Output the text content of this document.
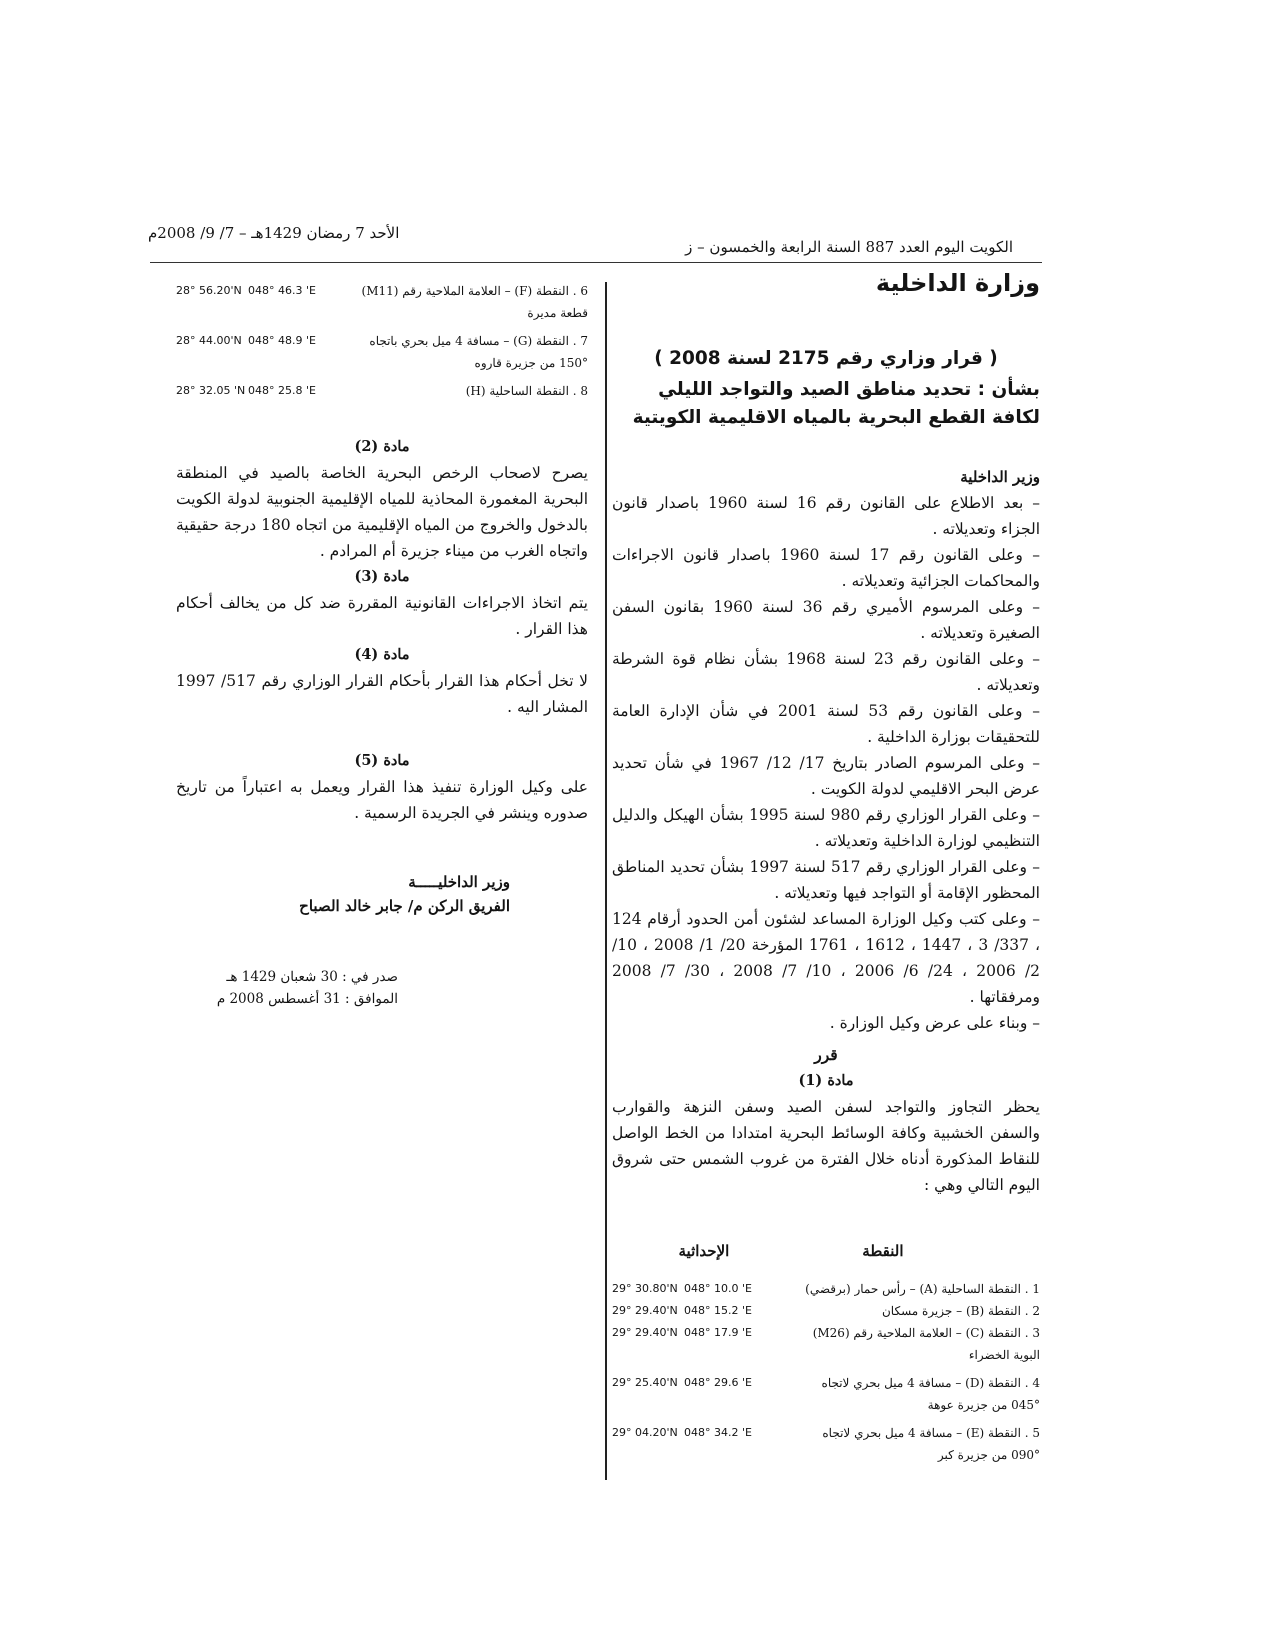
الكويت اليوم العدد 887 السنة الرابعة والخمسون – ز
الأحد 7 رمضان 1429هـ – 7/ 9/ 2008م

وزارة الداخلية

( قرار وزاري رقم 2175 لسنة 2008 )

بشأن : تحديد مناطق الصيد والتواجد الليلي لكافة القطع البحرية بالمياه الاقليمية الكويتية

وزير الداخلية

– بعد الاطلاع على القانون رقم 16 لسنة 1960 باصدار قانون الجزاء وتعديلاته .

– وعلى القانون رقم 17 لسنة 1960 باصدار قانون الاجراءات والمحاكمات الجزائية وتعديلاته .

– وعلى المرسوم الأميري رقم 36 لسنة 1960 بقانون السفن الصغيرة وتعديلاته .

– وعلى القانون رقم 23 لسنة 1968 بشأن نظام قوة الشرطة وتعديلاته .

– وعلى القانون رقم 53 لسنة 2001 في شأن الإدارة العامة للتحقيقات بوزارة الداخلية .

– وعلى المرسوم الصادر بتاريخ 17/ 12/ 1967 في شأن تحديد عرض البحر الاقليمي لدولة الكويت .

– وعلى القرار الوزاري رقم 980 لسنة 1995 بشأن الهيكل والدليل التنظيمي لوزارة الداخلية وتعديلاته .

– وعلى القرار الوزاري رقم 517 لسنة 1997 بشأن تحديد المناطق المحظور الإقامة أو التواجد فيها وتعديلاته .

– وعلى كتب وكيل الوزارة المساعد لشئون أمن الحدود أرقام 124 ، 337/ 3 ، 1447 ، 1612 ، 1761 المؤرخة 20/ 1/ 2008 ، 10/ 2/ 2006 ، 24/ 6/ 2006 ، 10/ 7/ 2008 ، 30/ 7/ 2008 ومرفقاتها .

– وبناء على عرض وكيل الوزارة .

قرر

مادة (1)

يحظر التجاوز والتواجد لسفن الصيد وسفن النزهة والقوارب والسفن الخشبية وكافة الوسائط البحرية امتدادا من الخط الواصل للنقاط المذكورة أدناه خلال الفترة من غروب الشمس حتى شروق اليوم التالي وهي :

النقطة
الإحداثية
1 . النقطة الساحلية (A) – رأس حمار (برقضي)
048° 10.0 'E
29° 30.80'N
2 . النقطة (B) – جزيرة مسكان
048° 15.2 'E
29° 29.40'N
3 . النقطة (C) – العلامة الملاحية رقم (M26)
048° 17.9 'E
29° 29.40'N

البوية الخضراء

4 . النقطة (D) – مسافة 4 ميل بحري لاتجاه
048° 29.6 'E
29° 25.40'N

045° من جزيرة عوهة

5 . النقطة (E) – مسافة 4 ميل بحري لاتجاه
048° 34.2 'E
29° 04.20'N

090° من جزيرة كبر

6 . النقطة (F) – العلامة الملاحية رقم (M11)
048° 46.3 'E
28° 56.20'N

قطعة مديرة

7 . النقطة (G) – مسافة 4 ميل بحري باتجاه
048° 48.9 'E
28° 44.00'N

150° من جزيرة قاروه

8 . النقطة الساحلية (H)
048° 25.8 'E
28° 32.05 'N

مادة (2)

يصرح لاصحاب الرخص البحرية الخاصة بالصيد في المنطقة البحرية المغمورة المحاذية للمياه الإقليمية الجنوبية لدولة الكويت بالدخول والخروج من المياه الإقليمية من اتجاه 180 درجة حقيقية واتجاه الغرب من ميناء جزيرة أم المرادم .

مادة (3)

يتم اتخاذ الاجراءات القانونية المقررة ضد كل من يخالف أحكام هذا القرار .

مادة (4)

لا تخل أحكام هذا القرار بأحكام القرار الوزاري رقم 517/ 1997 المشار اليه .

مادة (5)

على وكيل الوزارة تنفيذ هذا القرار ويعمل به اعتباراً من تاريخ صدوره وينشر في الجريدة الرسمية .

وزير الداخليـــــة
الفريق الركن م/ جابر خالد الصباح
صدر في : 30 شعبان 1429 هـ
الموافق : 31 أغسطس 2008 م
